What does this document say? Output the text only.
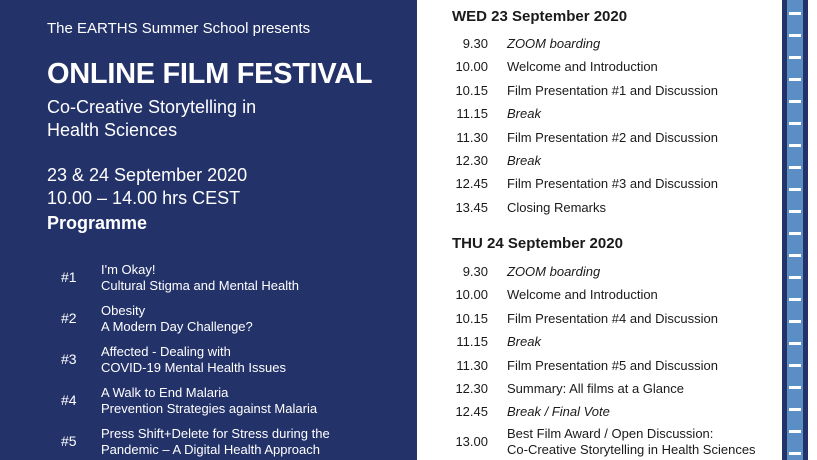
The EARTHS Summer School presents
ONLINE FILM FESTIVAL
Co-Creative Storytelling in
Health Sciences
23 & 24 September 2020
10.00 – 14.00 hrs CEST
Programme
#1 I'm Okay!
Cultural Stigma and Mental Health
#2 Obesity
A Modern Day Challenge?
#3 Affected - Dealing with
COVID-19 Mental Health Issues
#4 A Walk to End Malaria
Prevention Strategies against Malaria
#5 Press Shift+Delete for Stress during the
Pandemic – A Digital Health Approach
WED 23 September 2020
9.30 ZOOM boarding
10.00 Welcome and Introduction
10.15 Film Presentation #1 and Discussion
11.15 Break
11.30 Film Presentation #2 and Discussion
12.30 Break
12.45 Film Presentation #3 and Discussion
13.45 Closing Remarks
THU 24 September 2020
9.30 ZOOM boarding
10.00 Welcome and Introduction
10.15 Film Presentation #4 and Discussion
11.15 Break
11.30 Film Presentation #5 and Discussion
12.30 Summary: All films at a Glance
12.45 Break / Final Vote
13.00
Best Film Award / Open Discussion:
Co-Creative Storytelling in Health Sciences
